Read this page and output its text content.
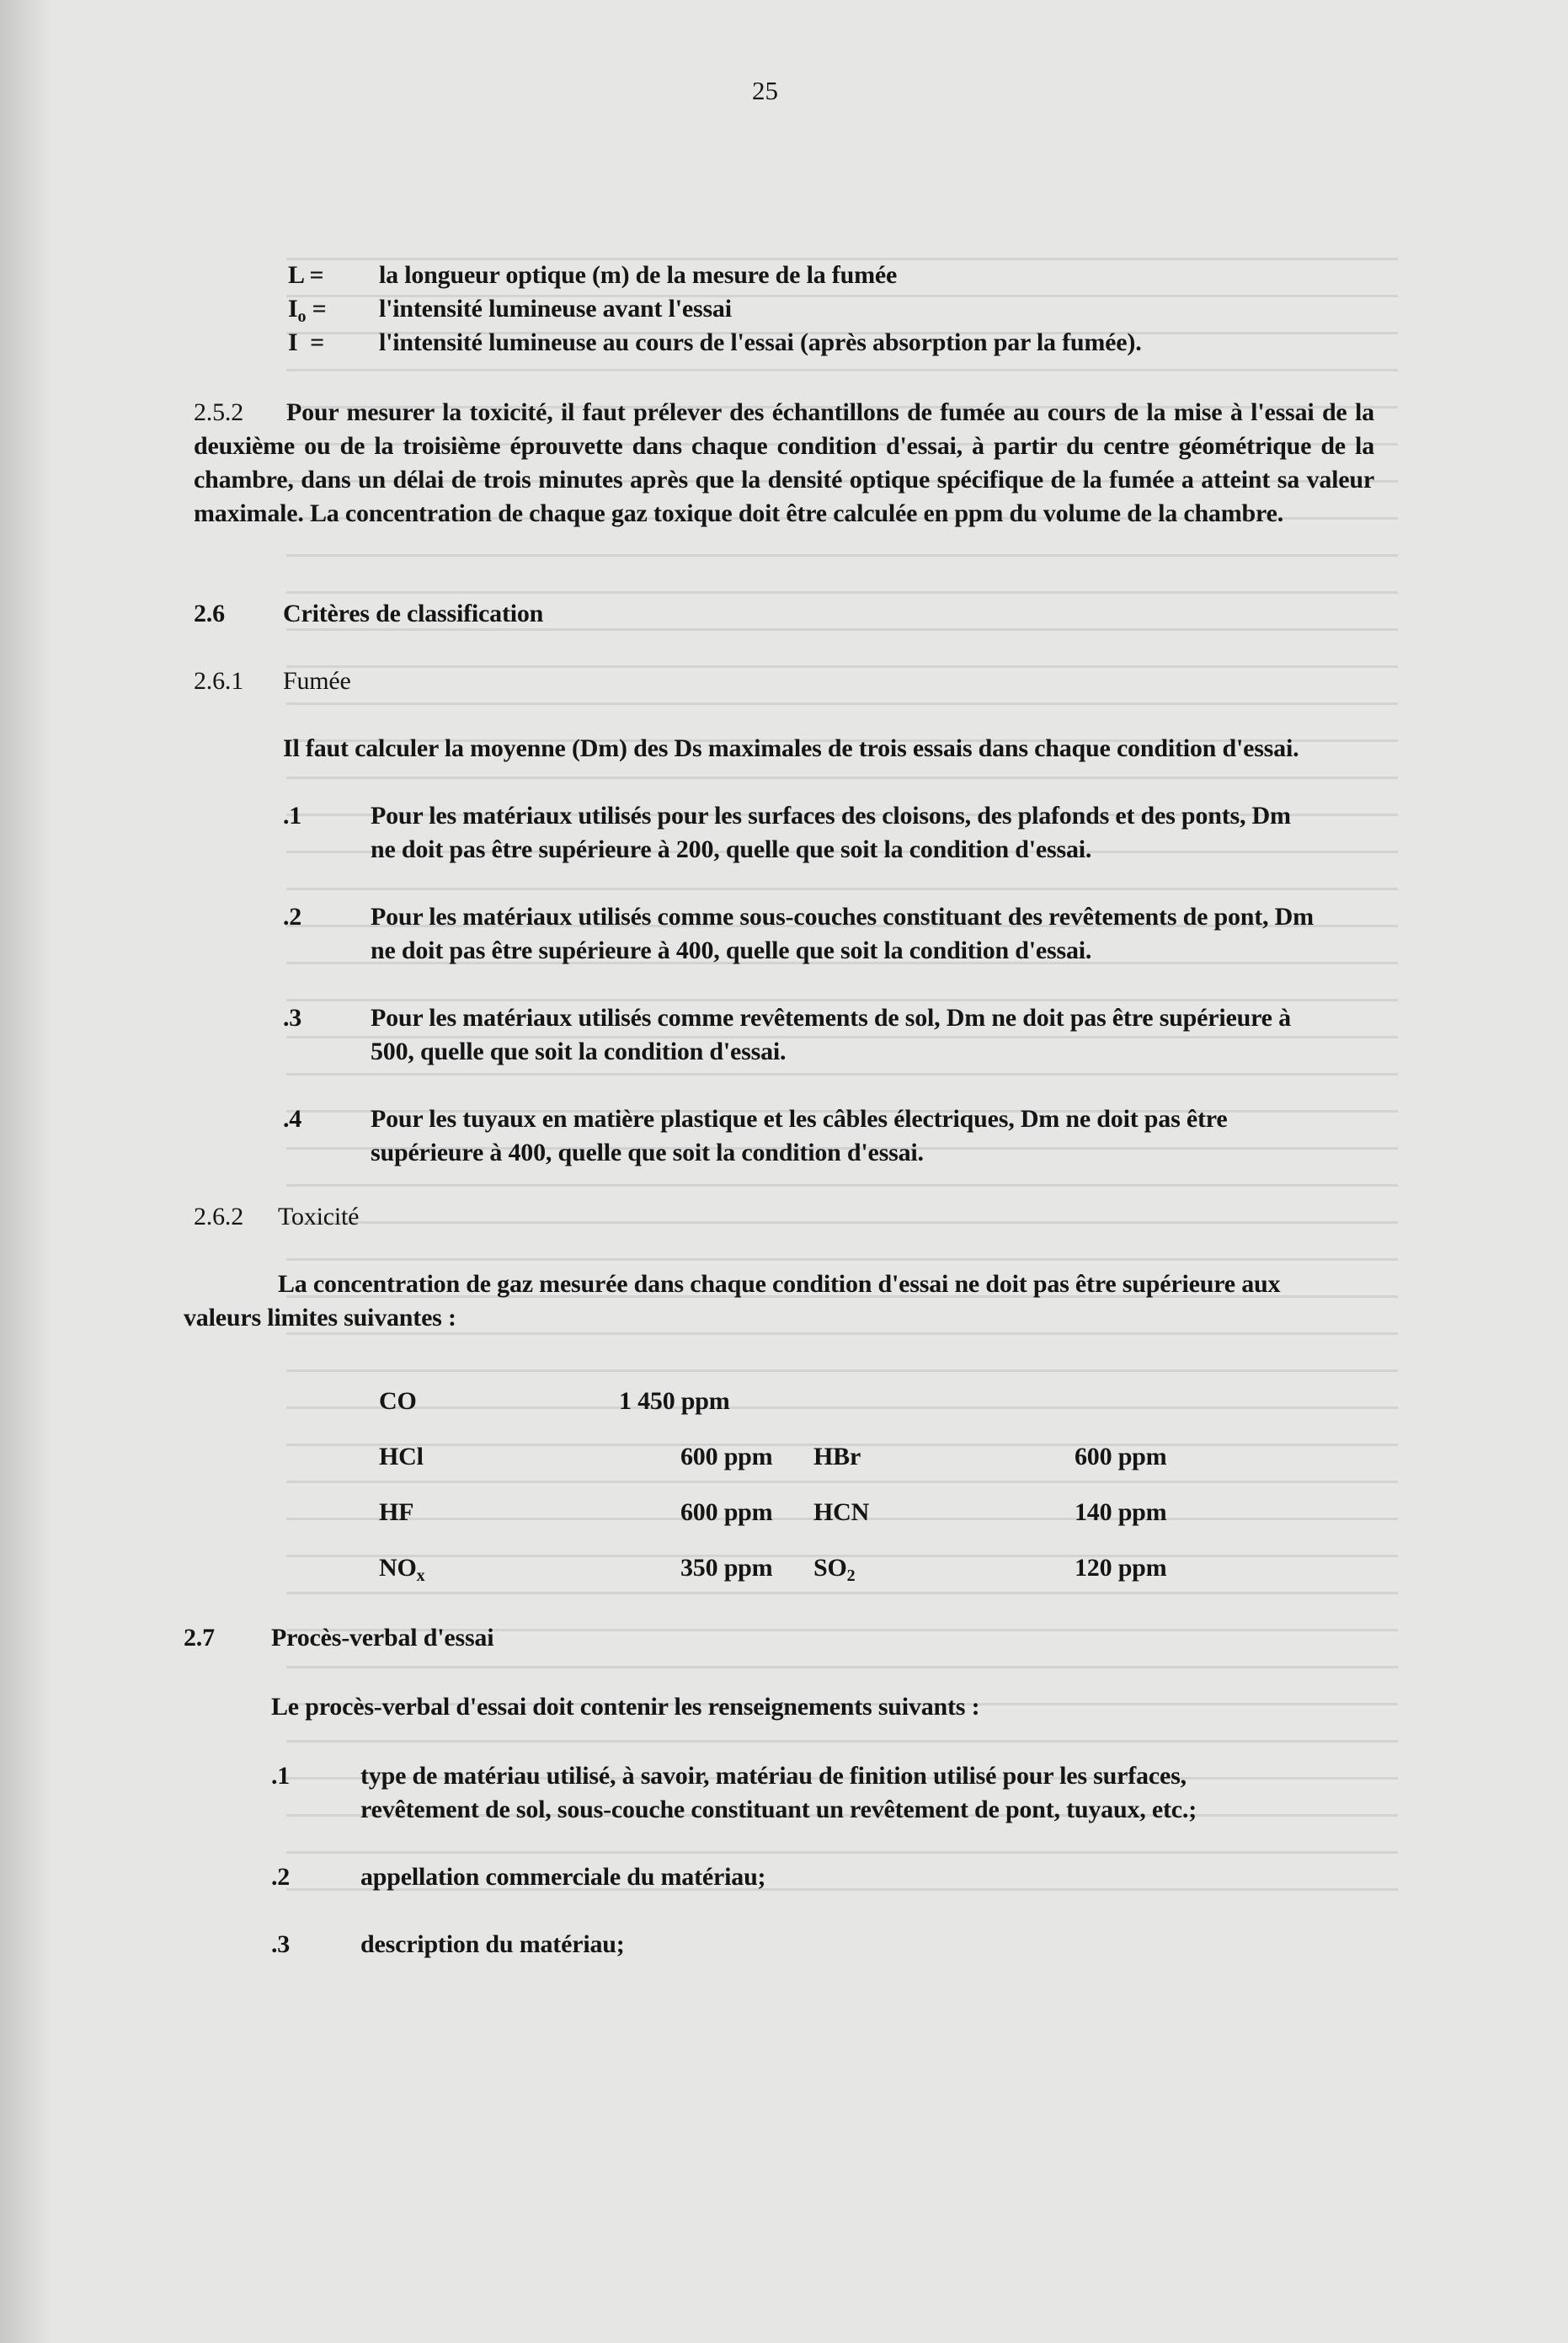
25
L = la longueur optique (m) de la mesure de la fumée
$I_o$ = l'intensité lumineuse avant l'essai
I  = l'intensité lumineuse au cours de l'essai (après absorption par la fumée).
2.5.2 Pour mesurer la toxicité, il faut prélever des échantillons de fumée au cours de la mise à l'essai de la deuxième ou de la troisième éprouvette dans chaque condition d'essai, à partir du centre géométrique de la chambre, dans un délai de trois minutes après que la densité optique spécifique de la fumée a atteint sa valeur maximale. La concentration de chaque gaz toxique doit être calculée en ppm du volume de la chambre.
2.6 Critères de classification
2.6.1 Fumée
Il faut calculer la moyenne (Dm) des Ds maximales de trois essais dans chaque condition d'essai.
.1	Pour les matériaux utilisés pour les surfaces des cloisons, des plafonds et des ponts, Dm
ne doit pas être supérieure à 200, quelle que soit la condition d'essai.
.2	Pour les matériaux utilisés comme sous-couches constituant des revêtements de pont, Dm
ne doit pas être supérieure à 400, quelle que soit la condition d'essai.
.3	Pour les matériaux utilisés comme revêtements de sol, Dm ne doit pas être supérieure à
500, quelle que soit la condition d'essai.
.4	Pour les tuyaux en matière plastique et les câbles électriques, Dm ne doit pas être
supérieure à 400, quelle que soit la condition d'essai.
2.6.2 Toxicité
La concentration de gaz mesurée dans chaque condition d'essai ne doit pas être supérieure aux
valeurs limites suivantes :
CO	1 450 ppm
HCl	600 ppm HBr	600 ppm
HF	600 ppm HCN	140 ppm
$NO_x$	350 ppm $SO_2$	120 ppm
2.7 Procès-verbal d'essai
Le procès-verbal d'essai doit contenir les renseignements suivants :
.1	type de matériau utilisé, à savoir, matériau de finition utilisé pour les surfaces,
revêtement de sol, sous-couche constituant un revêtement de pont, tuyaux, etc.;
.2	appellation commerciale du matériau;
.3	description du matériau;
